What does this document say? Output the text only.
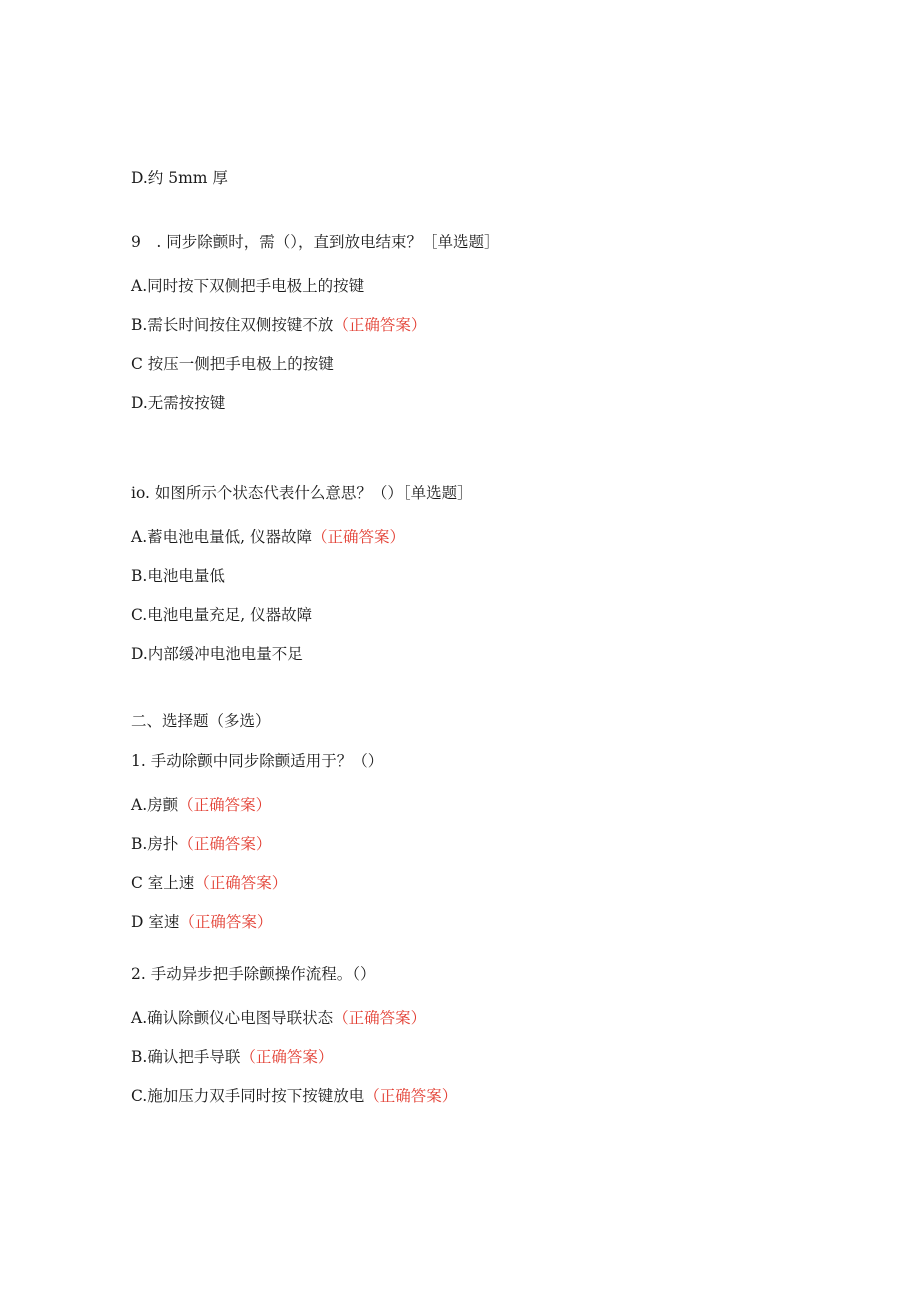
D.约 5mm 厚
9　. 同步除颤时，需（），直到放电结束？［单选题］
A.同时按下双侧把手电极上的按键
B.需长时间按住双侧按键不放（正确答案）
C 按压一侧把手电极上的按键
D.无需按按键
io. 如图所示个状态代表什么意思？（）［单选题］
A.蓄电池电量低, 仪器故障（正确答案）
B.电池电量低
C.电池电量充足, 仪器故障
D.内部缓冲电池电量不足
二、选择题（多选）
1. 手动除颤中同步除颤适用于？（）
A.房颤（正确答案）
B.房扑（正确答案）
C 室上速（正确答案）
D 室速（正确答案）
2. 手动异步把手除颤操作流程。（）
A.确认除颤仪心电图导联状态（正确答案）
B.确认把手导联（正确答案）
C.施加压力双手同时按下按键放电（正确答案）
